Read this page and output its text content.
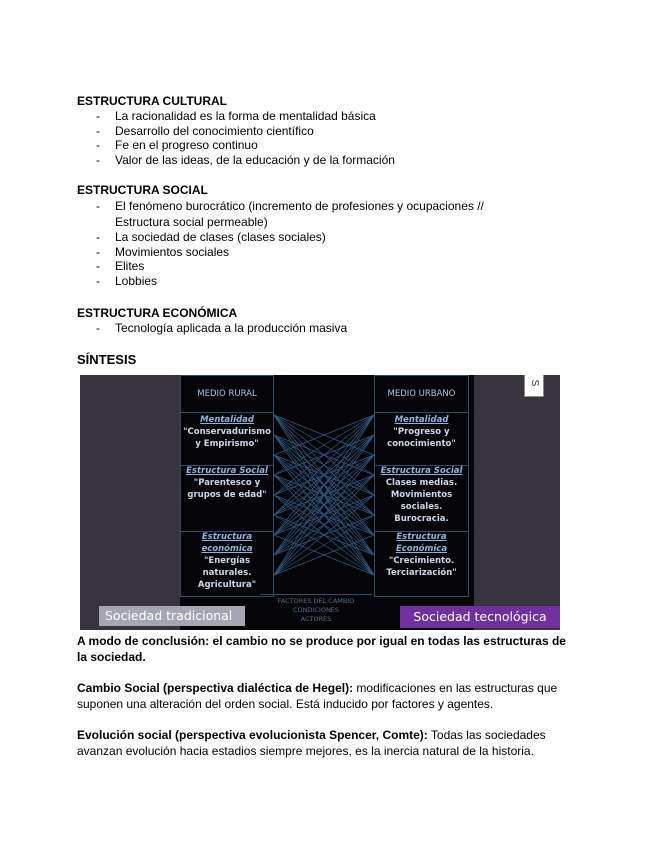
ESTRUCTURA CULTURAL
- La racionalidad es la forma de mentalidad básica
- Desarrollo del conocimiento científico
- Fe en el progreso continuo
- Valor de las ideas, de la educación y de la formación
ESTRUCTURA SOCIAL
- El fenómeno burocrático (incremento de profesiones y ocupaciones //
Estructura social permeable)
- La sociedad de clases (clases sociales)
- Movimientos sociales
- Elites
- Lobbies
ESTRUCTURA ECONÓMICA
- Tecnología aplicada a la producción masiva
SÍNTESIS
MEDIO RURAL
Mentalidad
"Conservadurismo y Empirismo"
Estructura Social
"Parentesco y grupos de edad"
Estructura económica
"Energías naturales. Agricultura"
MEDIO URBANO
Mentalidad
"Progreso y conocimiento"
Estructura Social
Clases medias. Movimientos sociales. Burocracia.
Estructura Económica
"Crecimiento. Terciarización"
FACTORES DEL CAMBIO
CONDICIONES
ACTORES
Sociedad tradicional	Sociedad tecnológica
S
A modo de conclusión: el cambio no se produce por igual en todas las estructuras de la sociedad.
Cambio Social (perspectiva dialéctica de Hegel): modificaciones en las estructuras que suponen una alteración del orden social. Está inducido por factores y agentes.
Evolución social (perspectiva evolucionista Spencer, Comte): Todas las sociedades avanzan evolución hacia estadios siempre mejores, es la inercia natural de la historia.
